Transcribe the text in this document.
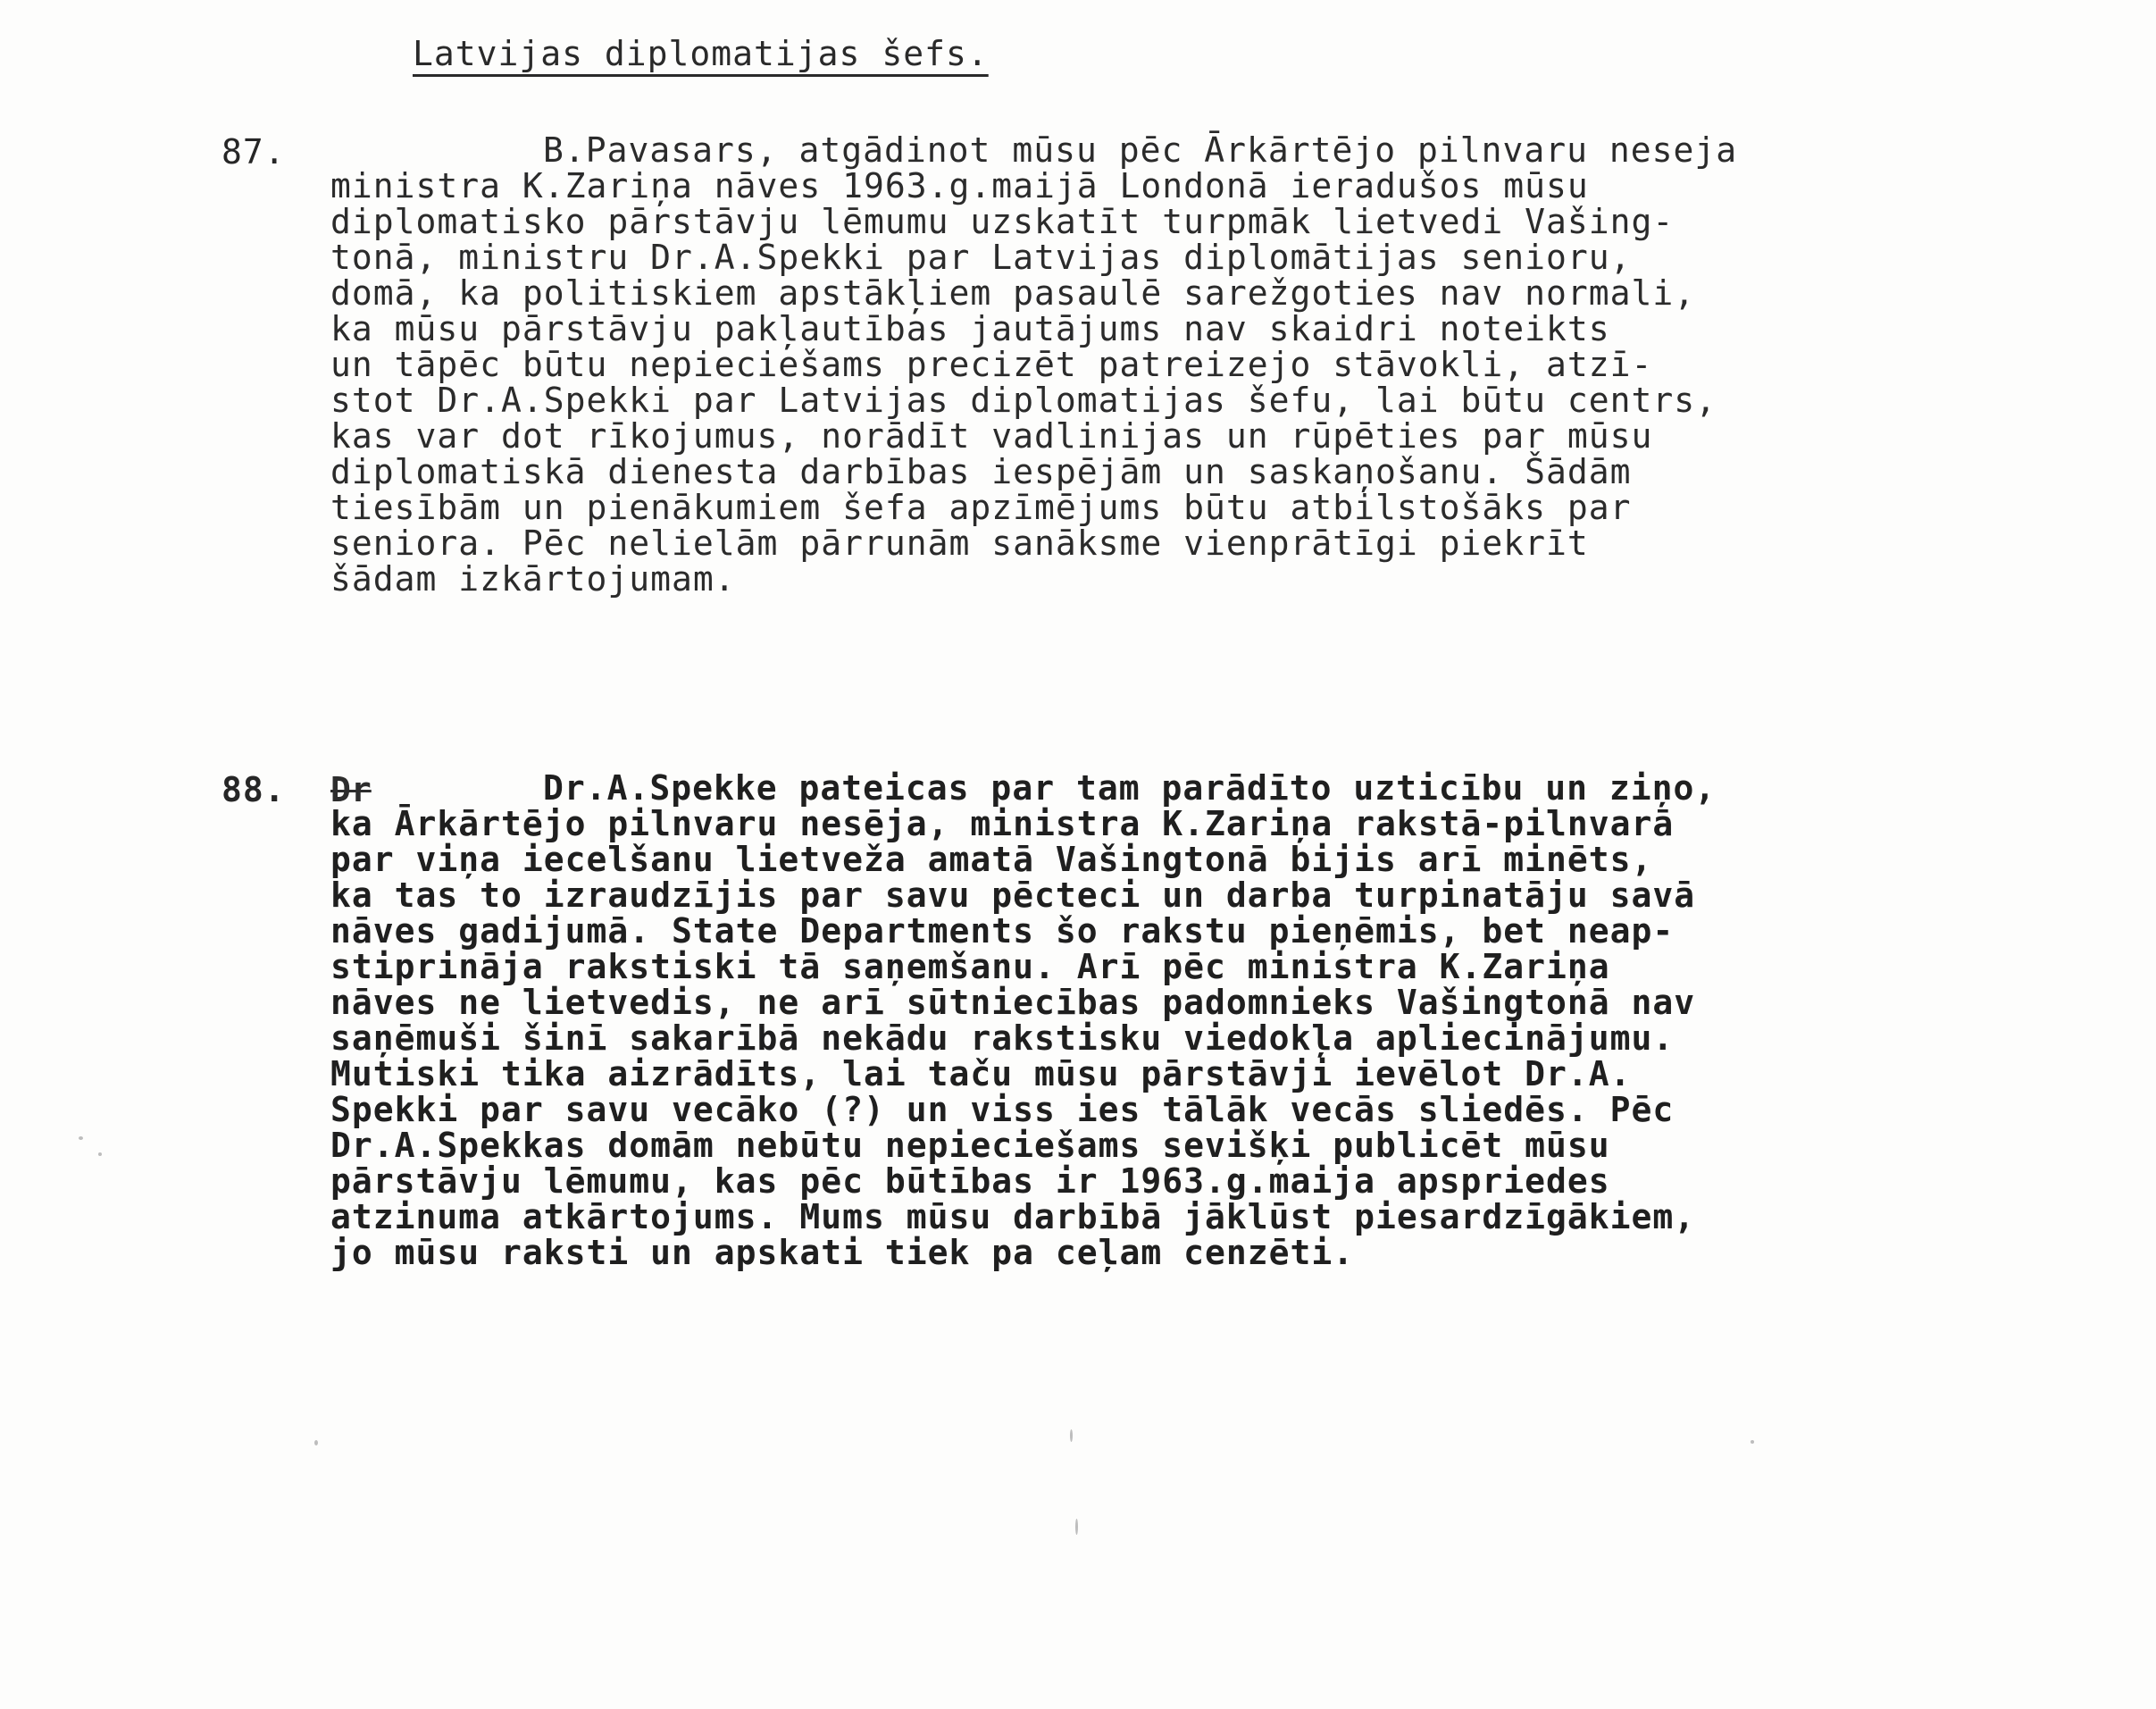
Latvijas diplomatijas šefs.
87.	B.Pavasars, atgādinot mūsu pēc Ārkārtējo pilnvaru neseja
ministra K.Zariņa nāves 1963.g.maijā Londonā ieradušos mūsu
diplomatisko pārstāvju lēmumu uzskatīt turpmāk lietvedi Vašing-
tonā, ministru Dr.A.Spekki par Latvijas diplomātijas senioru,
domā, ka politiskiem apstākļiem pasaulē sarežgoties nav normali,
ka mūsu pārstāvju pakļautības jautājums nav skaidri noteikts
un tāpēc būtu nepieciešams precizēt patreizejo stāvokli, atzī-
stot Dr.A.Spekki par Latvijas diplomatijas šefu, lai būtu centrs,
kas var dot rīkojumus, norādīt vadlinijas un rūpēties par mūsu
diplomatiskā dienesta darbības iespējām un saskaņošanu. Šādām
tiesībām un pienākumiem šefa apzīmējums būtu atbilstošāks par
seniora. Pēc nelielām pārrunām sanāksme vienprātīgi piekrīt
šādam izkārtojumam.
88. Dr	Dr.A.Spekke pateicas par tam parādīto uzticību un ziņo,
ka Ārkārtējo pilnvaru nesēja, ministra K.Zariņa rakstā-pilnvarā
par viņa iecelšanu lietveža amatā Vašingtonā bijis arī minēts,
ka tas to izraudzījis par savu pēcteci un darba turpinatāju savā
nāves gadijumā. State Departments šo rakstu pieņēmis, bet neap-
stiprināja rakstiski tā saņemšanu. Arī pēc ministra K.Zariņa
nāves ne lietvedis, ne arī sūtniecības padomnieks Vašingtonā nav
saņēmuši šinī sakarībā nekādu rakstisku viedokļa apliecinājumu.
Mutiski tika aizrādīts, lai taču mūsu pārstāvji ievēlot Dr.A.
Spekki par savu vecāko (?) un viss ies tālāk vecās sliedēs. Pēc
Dr.A.Spekkas domām nebūtu nepieciešams sevišķi publicēt mūsu
pārstāvju lēmumu, kas pēc būtības ir 1963.g.maija apspriedes
atzinuma atkārtojums. Mums mūsu darbībā jāklūst piesardzīgākiem,
jo mūsu raksti un apskati tiek pa ceļam cenzēti.
